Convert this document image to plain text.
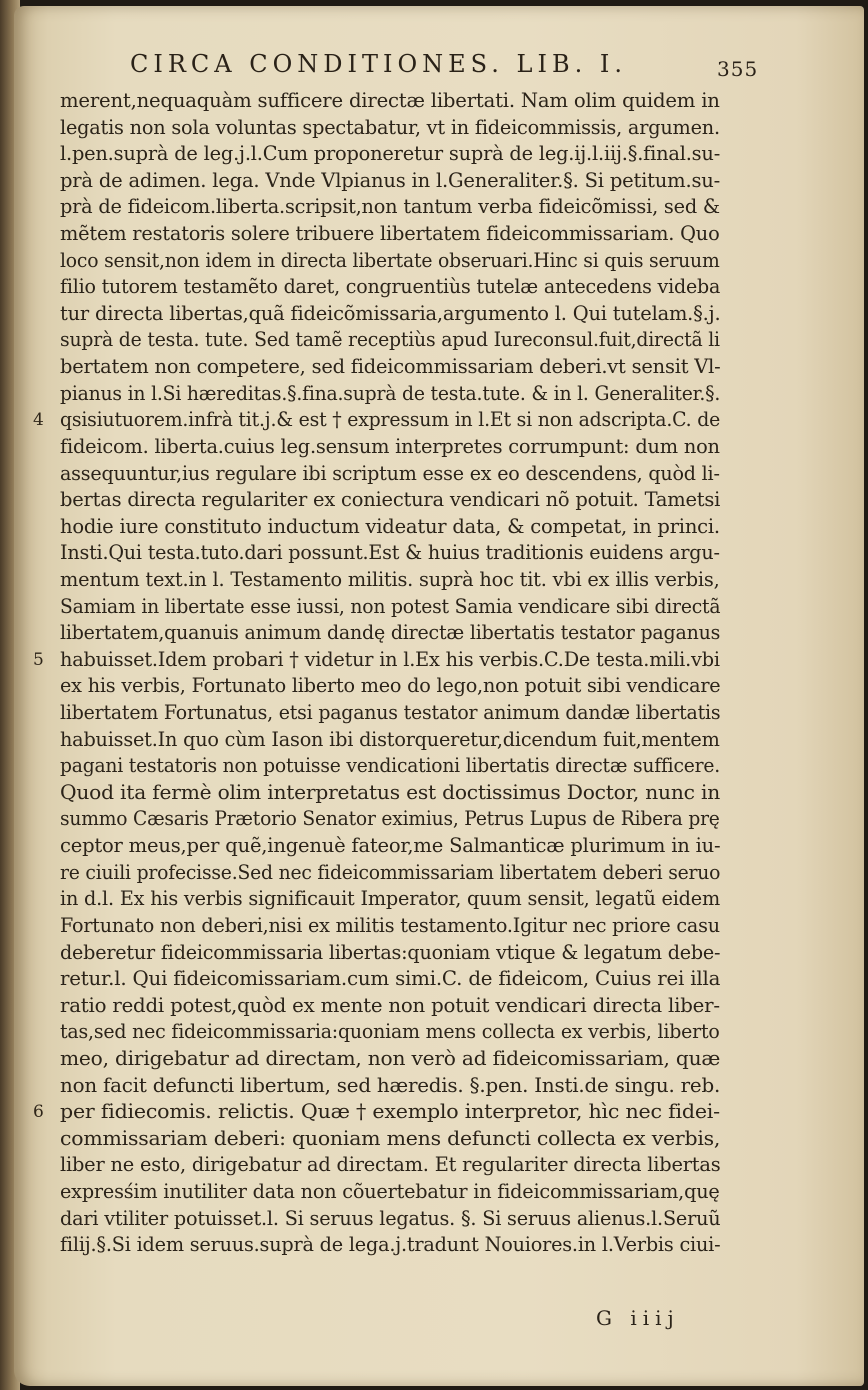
CIRCA CONDITIONES. LIB. I.	355
merent,nequaquàm sufficere directæ libertati. Nam olim quidem in
legatis non sola voluntas spectabatur, vt in fideicommissis, argumen.
l.pen.suprà de leg.j.l.Cum proponeretur suprà de leg.ij.l.iij.§.final.su-
prà de adimen. lega. Vnde Vlpianus in l.Generaliter.§. Si petitum.su-
prà de fideicom.liberta.scripsit,non tantum verba fideicõmissi, sed &
mẽtem restatoris solere tribuere libertatem fideicommissariam. Quo
loco sensit,non idem in directa libertate obseruari.Hinc si quis seruum
filio tutorem testamẽto daret, congruentiùs tutelæ antecedens videba
tur directa libertas,quã fideicõmissaria,argumento l. Qui tutelam.§.j.
suprà de testa. tute. Sed tamẽ receptiùs apud Iureconsul.fuit,directã li
bertatem non competere, sed fideicommissariam deberi.vt sensit Vl-
pianus in l.Si hæreditas.§.fina.suprà de testa.tute. & in l. Generaliter.§.
4 qsisiutuorem.infrà tit.j.& est † expressum in l.Et si non adscripta.C. de
fideicom. liberta.cuius leg.sensum interpretes corrumpunt: dum non
assequuntur,ius regulare ibi scriptum esse ex eo descendens, quòd li-
bertas directa regulariter ex coniectura vendicari nõ potuit. Tametsi
hodie iure constituto inductum videatur data, & competat, in princi.
Insti.Qui testa.tuto.dari possunt.Est & huius traditionis euidens argu-
mentum text.in l. Testamento militis. suprà hoc tit. vbi ex illis verbis,
Samiam in libertate esse iussi, non potest Samia vendicare sibi directã
libertatem,quanuis animum dandę directæ libertatis testator paganus
5 habuisset.Idem probari † videtur in l.Ex his verbis.C.De testa.mili.vbi
ex his verbis, Fortunato liberto meo do lego,non potuit sibi vendicare
libertatem Fortunatus, etsi paganus testator animum dandæ libertatis
habuisset.In quo cùm Iason ibi distorqueretur,dicendum fuit,mentem
pagani testatoris non potuisse vendicationi libertatis directæ sufficere.
Quod ita fermè olim interpretatus est doctissimus Doctor, nunc in
summo Cæsaris Prætorio Senator eximius, Petrus Lupus de Ribera prę
ceptor meus,per quẽ,ingenuè fateor,me Salmanticæ plurimum in iu-
re ciuili profecisse.Sed nec fideicommissariam libertatem deberi seruo
in d.l. Ex his verbis significauit Imperator, quum sensit, legatũ eidem
Fortunato non deberi,nisi ex militis testamento.Igitur nec priore casu
deberetur fideicommissaria libertas:quoniam vtique & legatum debe-
retur.l. Qui fideicomissariam.cum simi.C. de fideicom, Cuius rei illa
ratio reddi potest,quòd ex mente non potuit vendicari directa liber-
tas,sed nec fideicommissaria:quoniam mens collecta ex verbis, liberto
meo, dirigebatur ad directam, non verò ad fideicomissariam, quæ
non facit defuncti libertum, sed hæredis. §.pen. Insti.de singu. reb.
6 per fidiecomis. relictis. Quæ † exemplo interpretor, hìc nec fidei-
commissariam deberi: quoniam mens defuncti collecta ex verbis,
liber ne esto, dirigebatur ad directam. Et regulariter directa libertas
expresśim inutiliter data non cõuertebatur in fideicommissariam,quę
dari vtiliter potuisset.l. Si seruus legatus. §. Si seruus alienus.l.Seruũ
filij.§.Si idem seruus.suprà de lega.j.tradunt Nouiores.in l.Verbis ciui-
G iiij
